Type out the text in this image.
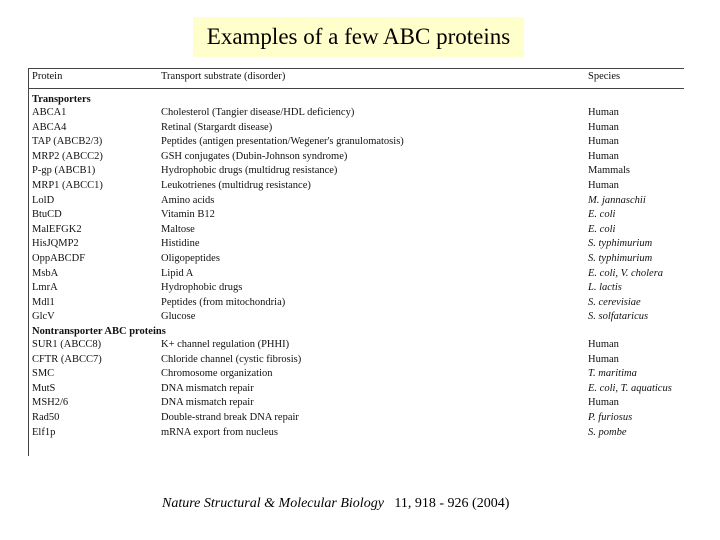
Examples of a few ABC proteins
Protein	Transport substrate (disorder)	Species
Transporters
ABCA1	Cholesterol (Tangier disease/HDL deficiency)	Human
ABCA4	Retinal (Stargardt disease)	Human
TAP (ABCB2/3)	Peptides (antigen presentation/Wegener's granulomatosis)	Human
MRP2 (ABCC2)	GSH conjugates (Dubin-Johnson syndrome)	Human
P-gp (ABCB1)	Hydrophobic drugs (multidrug resistance)	Mammals
MRP1 (ABCC1)	Leukotrienes (multidrug resistance)	Human
LolD	Amino acids	M. jannaschii
BtuCD	Vitamin B12	E. coli
MalEFGK2	Maltose	E. coli
HisJQMP2	Histidine	S. typhimurium
OppABCDF	Oligopeptides	S. typhimurium
MsbA	Lipid A	E. coli, V. cholera
LmrA	Hydrophobic drugs	L. lactis
Mdl1	Peptides (from mitochondria)	S. cerevisiae
GlcV	Glucose	S. solfataricus
Nontransporter ABC proteins
SUR1 (ABCC8)	K+ channel regulation (PHHI)	Human
CFTR (ABCC7)	Chloride channel (cystic fibrosis)	Human
SMC	Chromosome organization	T. maritima
MutS	DNA mismatch repair	E. coli, T. aquaticus
MSH2/6	DNA mismatch repair	Human
Rad50	Double-strand break DNA repair	P. furiosus
Elf1p	mRNA export from nucleus	S. pombe
Nature Structural & Molecular Biology 11, 918 - 926 (2004)
